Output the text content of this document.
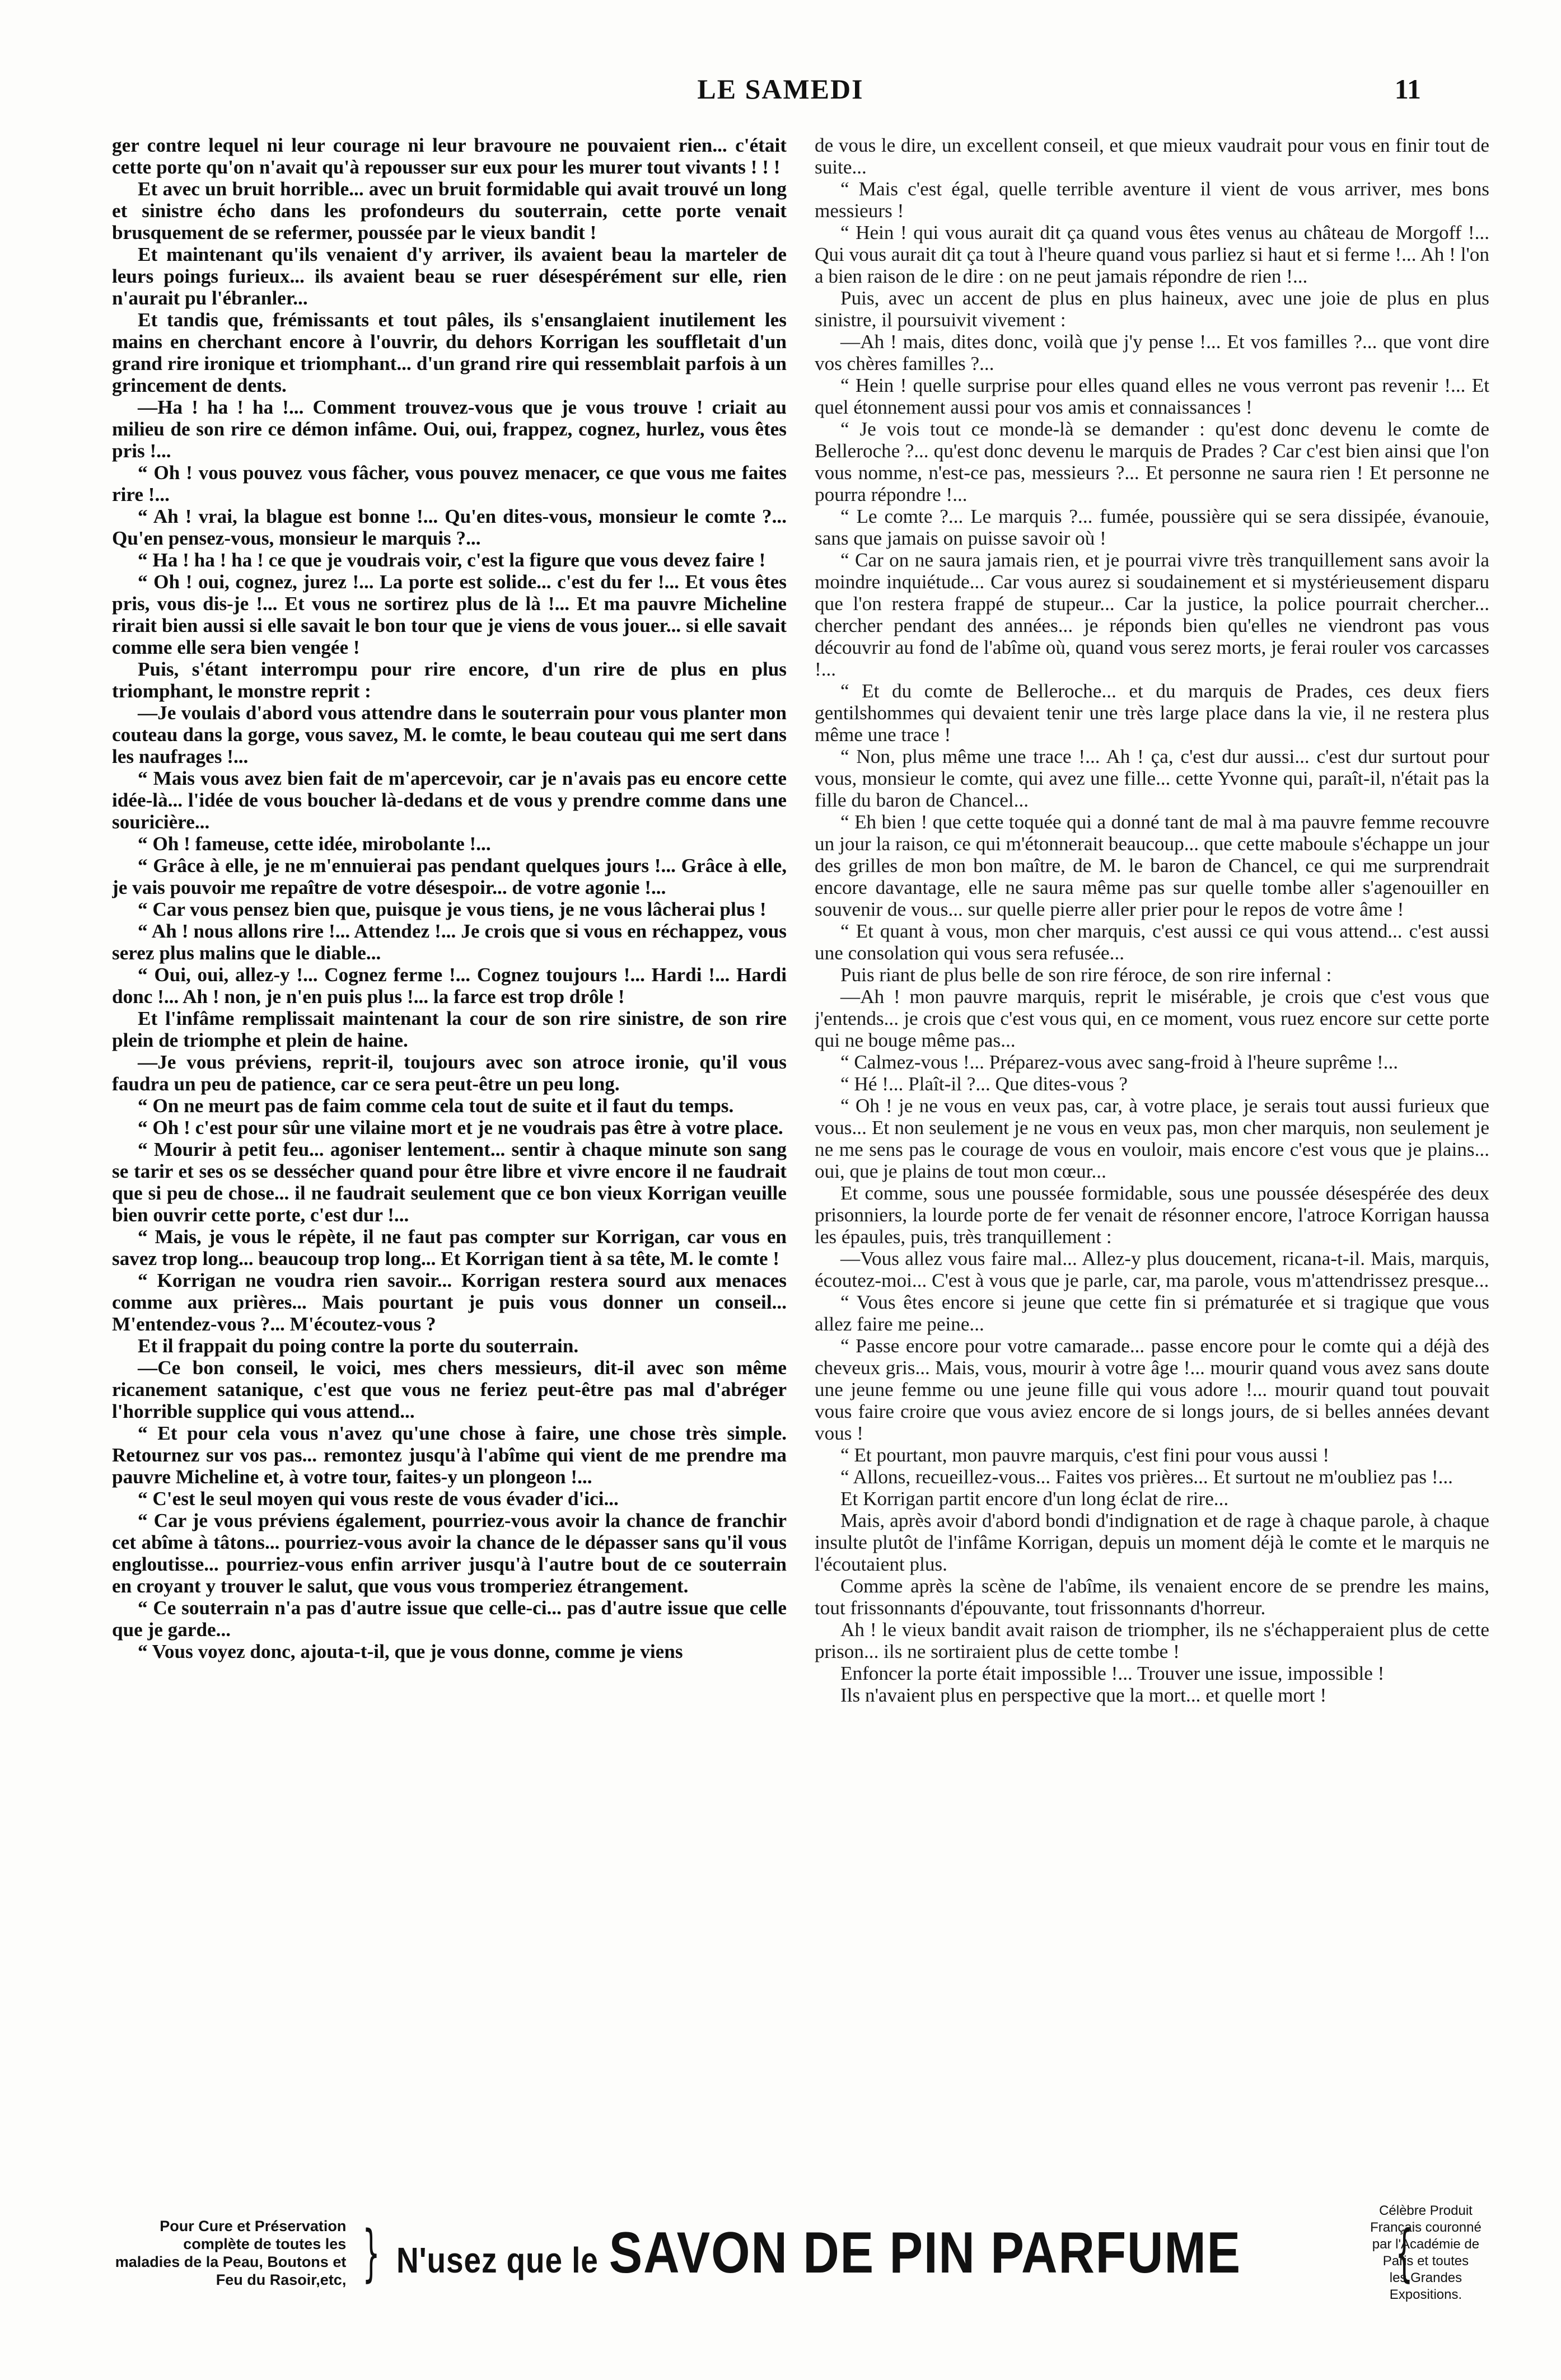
LE SAMEDI	11

ger contre lequel ni leur courage ni leur bravoure ne pouvaient rien... c'était cette porte qu'on n'avait qu'à repousser sur eux pour les murer tout vivants ! ! !

Et avec un bruit horrible... avec un bruit formidable qui avait trouvé un long et sinistre écho dans les profondeurs du souterrain, cette porte venait brusquement de se refermer, poussée par le vieux bandit !

Et maintenant qu'ils venaient d'y arriver, ils avaient beau la marteler de leurs poings furieux... ils avaient beau se ruer désespérément sur elle, rien n'aurait pu l'ébranler...

Et tandis que, frémissants et tout pâles, ils s'ensanglaient inutilement les mains en cherchant encore à l'ouvrir, du dehors Korrigan les souffletait d'un grand rire ironique et triomphant... d'un grand rire qui ressemblait parfois à un grincement de dents.

—Ha ! ha ! ha !... Comment trouvez-vous que je vous trouve ! criait au milieu de son rire ce démon infâme. Oui, oui, frappez, cognez, hurlez, vous êtes pris !...

“ Oh ! vous pouvez vous fâcher, vous pouvez menacer, ce que vous me faites rire !...

“ Ah ! vrai, la blague est bonne !... Qu'en dites-vous, monsieur le comte ?... Qu'en pensez-vous, monsieur le marquis ?...

“ Ha ! ha ! ha ! ce que je voudrais voir, c'est la figure que vous devez faire !

“ Oh ! oui, cognez, jurez !... La porte est solide... c'est du fer !... Et vous êtes pris, vous dis-je !... Et vous ne sortirez plus de là !... Et ma pauvre Micheline rirait bien aussi si elle savait le bon tour que je viens de vous jouer... si elle savait comme elle sera bien vengée !

Puis, s'étant interrompu pour rire encore, d'un rire de plus en plus triomphant, le monstre reprit :

—Je voulais d'abord vous attendre dans le souterrain pour vous planter mon couteau dans la gorge, vous savez, M. le comte, le beau couteau qui me sert dans les naufrages !...

“ Mais vous avez bien fait de m'apercevoir, car je n'avais pas eu encore cette idée-là... l'idée de vous boucher là-dedans et de vous y prendre comme dans une souricière...

“ Oh ! fameuse, cette idée, mirobolante !...

“ Grâce à elle, je ne m'ennuierai pas pendant quelques jours !... Grâce à elle, je vais pouvoir me repaître de votre désespoir... de votre agonie !...

“ Car vous pensez bien que, puisque je vous tiens, je ne vous lâcherai plus !

“ Ah ! nous allons rire !... Attendez !... Je crois que si vous en réchappez, vous serez plus malins que le diable...

“ Oui, oui, allez-y !... Cognez ferme !... Cognez toujours !... Hardi !... Hardi donc !... Ah ! non, je n'en puis plus !... la farce est trop drôle !

Et l'infâme remplissait maintenant la cour de son rire sinistre, de son rire plein de triomphe et plein de haine.

—Je vous préviens, reprit-il, toujours avec son atroce ironie, qu'il vous faudra un peu de patience, car ce sera peut-être un peu long.

“ On ne meurt pas de faim comme cela tout de suite et il faut du temps.

“ Oh ! c'est pour sûr une vilaine mort et je ne voudrais pas être à votre place.

“ Mourir à petit feu... agoniser lentement... sentir à chaque minute son sang se tarir et ses os se dessécher quand pour être libre et vivre encore il ne faudrait que si peu de chose... il ne faudrait seulement que ce bon vieux Korrigan veuille bien ouvrir cette porte, c'est dur !...

“ Mais, je vous le répète, il ne faut pas compter sur Korrigan, car vous en savez trop long... beaucoup trop long... Et Korrigan tient à sa tête, M. le comte !

“ Korrigan ne voudra rien savoir... Korrigan restera sourd aux menaces comme aux prières... Mais pourtant je puis vous donner un conseil... M'entendez-vous ?... M'écoutez-vous ?

Et il frappait du poing contre la porte du souterrain.

—Ce bon conseil, le voici, mes chers messieurs, dit-il avec son même ricanement satanique, c'est que vous ne feriez peut-être pas mal d'abréger l'horrible supplice qui vous attend...

“ Et pour cela vous n'avez qu'une chose à faire, une chose très simple. Retournez sur vos pas... remontez jusqu'à l'abîme qui vient de me prendre ma pauvre Micheline et, à votre tour, faites-y un plongeon !...

“ C'est le seul moyen qui vous reste de vous évader d'ici...

“ Car je vous préviens également, pourriez-vous avoir la chance de franchir cet abîme à tâtons... pourriez-vous avoir la chance de le dépasser sans qu'il vous engloutisse... pourriez-vous enfin arriver jusqu'à l'autre bout de ce souterrain en croyant y trouver le salut, que vous vous tromperiez étrangement.

“ Ce souterrain n'a pas d'autre issue que celle-ci... pas d'autre issue que celle que je garde...

“ Vous voyez donc, ajouta-t-il, que je vous donne, comme je viens

de vous le dire, un excellent conseil, et que mieux vaudrait pour vous en finir tout de suite...

“ Mais c'est égal, quelle terrible aventure il vient de vous arriver, mes bons messieurs !

“ Hein ! qui vous aurait dit ça quand vous êtes venus au château de Morgoff !... Qui vous aurait dit ça tout à l'heure quand vous parliez si haut et si ferme !... Ah ! l'on a bien raison de le dire : on ne peut jamais répondre de rien !...

Puis, avec un accent de plus en plus haineux, avec une joie de plus en plus sinistre, il poursuivit vivement :

—Ah ! mais, dites donc, voilà que j'y pense !... Et vos familles ?... que vont dire vos chères familles ?...

“ Hein ! quelle surprise pour elles quand elles ne vous verront pas revenir !... Et quel étonnement aussi pour vos amis et connaissances !

“ Je vois tout ce monde-là se demander : qu'est donc devenu le comte de Belleroche ?... qu'est donc devenu le marquis de Prades ? Car c'est bien ainsi que l'on vous nomme, n'est-ce pas, messieurs ?... Et personne ne saura rien ! Et personne ne pourra répondre !...

“ Le comte ?... Le marquis ?... fumée, poussière qui se sera dissipée, évanouie, sans que jamais on puisse savoir où !

“ Car on ne saura jamais rien, et je pourrai vivre très tranquillement sans avoir la moindre inquiétude... Car vous aurez si soudainement et si mystérieusement disparu que l'on restera frappé de stupeur... Car la justice, la police pourrait chercher... chercher pendant des années... je réponds bien qu'elles ne viendront pas vous découvrir au fond de l'abîme où, quand vous serez morts, je ferai rouler vos carcasses !...

“ Et du comte de Belleroche... et du marquis de Prades, ces deux fiers gentilshommes qui devaient tenir une très large place dans la vie, il ne restera plus même une trace !

“ Non, plus même une trace !... Ah ! ça, c'est dur aussi... c'est dur surtout pour vous, monsieur le comte, qui avez une fille... cette Yvonne qui, paraît-il, n'était pas la fille du baron de Chancel...

“ Eh bien ! que cette toquée qui a donné tant de mal à ma pauvre femme recouvre un jour la raison, ce qui m'étonnerait beaucoup... que cette maboule s'échappe un jour des grilles de mon bon maître, de M. le baron de Chancel, ce qui me surprendrait encore davantage, elle ne saura même pas sur quelle tombe aller s'agenouiller en souvenir de vous... sur quelle pierre aller prier pour le repos de votre âme !

“ Et quant à vous, mon cher marquis, c'est aussi ce qui vous attend... c'est aussi une consolation qui vous sera refusée...

Puis riant de plus belle de son rire féroce, de son rire infernal :

—Ah ! mon pauvre marquis, reprit le misérable, je crois que c'est vous que j'entends... je crois que c'est vous qui, en ce moment, vous ruez encore sur cette porte qui ne bouge même pas...

“ Calmez-vous !... Préparez-vous avec sang-froid à l'heure suprême !...

“ Hé !... Plaît-il ?... Que dites-vous ?

“ Oh ! je ne vous en veux pas, car, à votre place, je serais tout aussi furieux que vous... Et non seulement je ne vous en veux pas, mon cher marquis, non seulement je ne me sens pas le courage de vous en vouloir, mais encore c'est vous que je plains... oui, que je plains de tout mon cœur...

Et comme, sous une poussée formidable, sous une poussée désespérée des deux prisonniers, la lourde porte de fer venait de résonner encore, l'atroce Korrigan haussa les épaules, puis, très tranquillement :

—Vous allez vous faire mal... Allez-y plus doucement, ricana-t-il. Mais, marquis, écoutez-moi... C'est à vous que je parle, car, ma parole, vous m'attendrissez presque...

“ Vous êtes encore si jeune que cette fin si prématurée et si tragique que vous allez faire me peine...

“ Passe encore pour votre camarade... passe encore pour le comte qui a déjà des cheveux gris... Mais, vous, mourir à votre âge !... mourir quand vous avez sans doute une jeune femme ou une jeune fille qui vous adore !... mourir quand tout pouvait vous faire croire que vous aviez encore de si longs jours, de si belles années devant vous !

“ Et pourtant, mon pauvre marquis, c'est fini pour vous aussi !

“ Allons, recueillez-vous... Faites vos prières... Et surtout ne m'oubliez pas !...

Et Korrigan partit encore d'un long éclat de rire...

Mais, après avoir d'abord bondi d'indignation et de rage à chaque parole, à chaque insulte plutôt de l'infâme Korrigan, depuis un moment déjà le comte et le marquis ne l'écoutaient plus.

Comme après la scène de l'abîme, ils venaient encore de se prendre les mains, tout frissonnants d'épouvante, tout frissonnants d'horreur.

Ah ! le vieux bandit avait raison de triompher, ils ne s'échapperaient plus de cette prison... ils ne sortiraient plus de cette tombe !

Enfoncer la porte était impossible !... Trouver une issue, impossible !

Ils n'avaient plus en perspective que la mort... et quelle mort !

Pour Cure et Préservation complète de toutes les
maladies de la Peau, Boutons et Feu du Rasoir,etc, } N'usez que le SAVON DE PIN PARFUME {
Célèbre Produit Français couronné
par l'Académie de Paris et toutes
les Grandes Expositions.
